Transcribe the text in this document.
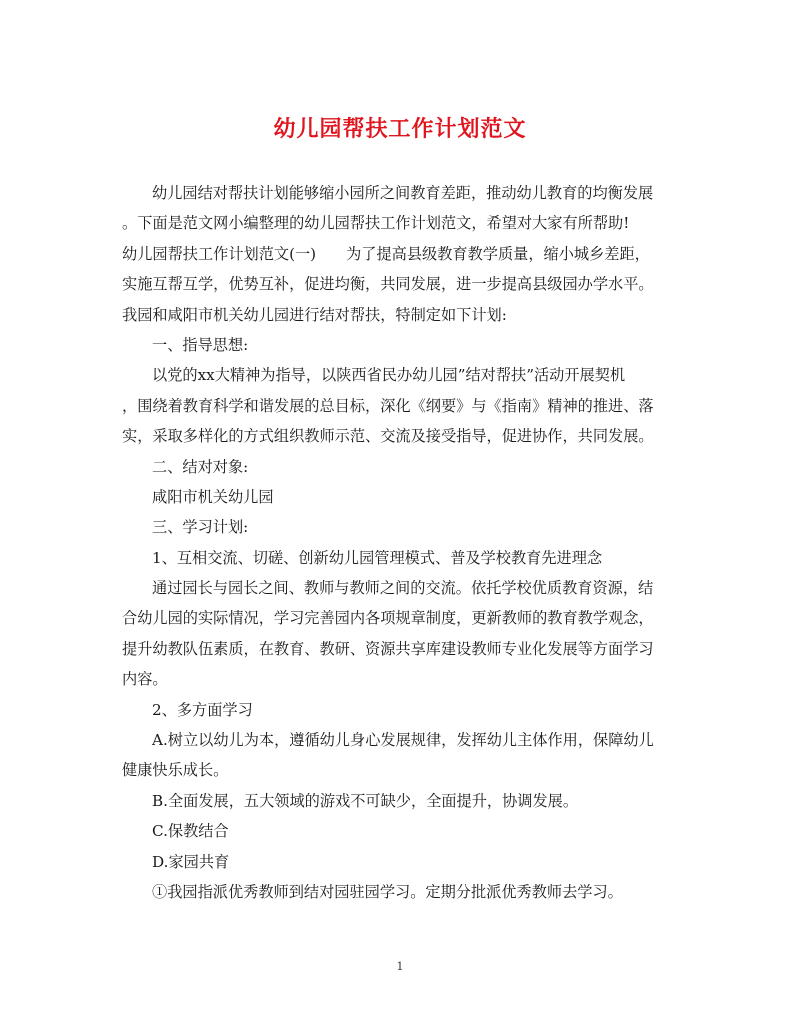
幼儿园帮扶工作计划范文
幼儿园结对帮扶计划能够缩小园所之间教育差距，推动幼儿教育的均衡发展
。下面是范文网小编整理的幼儿园帮扶工作计划范文，希望对大家有所帮助!
幼儿园帮扶工作计划范文(一) 为了提高县级教育教学质量，缩小城乡差距，
实施互帮互学，优势互补，促进均衡，共同发展，进一步提高县级园办学水平。
我园和咸阳市机关幼儿园进行结对帮扶，特制定如下计划:
一、指导思想:
以党的xx大精神为指导，以陕西省民办幼儿园”结对帮扶”活动开展契机
，围绕着教育科学和谐发展的总目标，深化《纲要》与《指南》精神的推进、落
实，采取多样化的方式组织教师示范、交流及接受指导，促进协作，共同发展。
二、结对对象:
咸阳市机关幼儿园
三、学习计划:
1、互相交流、切磋、创新幼儿园管理模式、普及学校教育先进理念
通过园长与园长之间、教师与教师之间的交流。依托学校优质教育资源，结
合幼儿园的实际情况，学习完善园内各项规章制度，更新教师的教育教学观念，
提升幼教队伍素质，在教育、教研、资源共享库建设教师专业化发展等方面学习
内容。
2、多方面学习
A.树立以幼儿为本，遵循幼儿身心发展规律，发挥幼儿主体作用，保障幼儿
健康快乐成长。
B.全面发展，五大领域的游戏不可缺少，全面提升，协调发展。
C.保教结合
D.家园共育
①我园指派优秀教师到结对园驻园学习。定期分批派优秀教师去学习。
1
